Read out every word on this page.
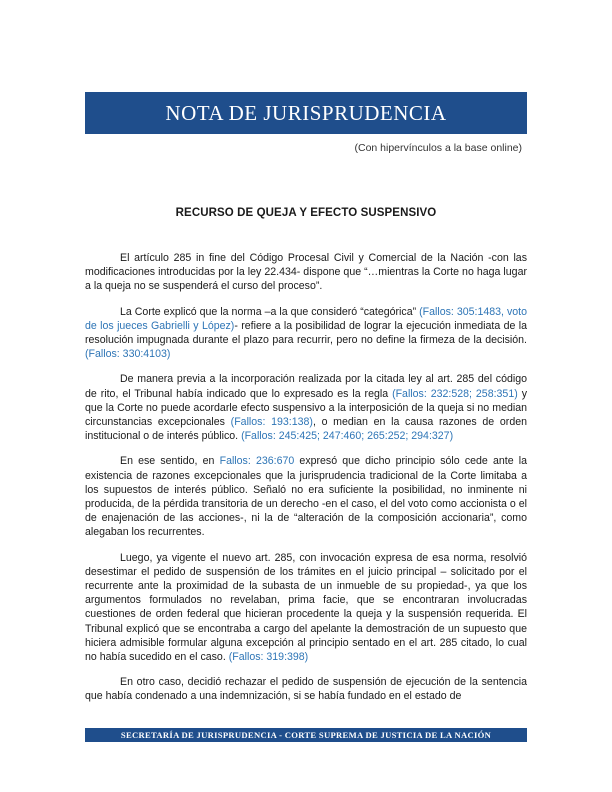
NOTA DE JURISPRUDENCIA
(Con hipervínculos a la base online)
RECURSO DE QUEJA Y EFECTO SUSPENSIVO

El artículo 285 in fine del Código Procesal Civil y Comercial de la Nación -con las modificaciones introducidas por la ley 22.434- dispone que “…mientras la Corte no haga lugar a la queja no se suspenderá el curso del proceso”.

La Corte explicó que la norma –a la que consideró “categórica” (Fallos: 305:1483, voto de los jueces Gabrielli y López)- refiere a la posibilidad de lograr la ejecución inmediata de la resolución impugnada durante el plazo para recurrir, pero no define la firmeza de la decisión. (Fallos: 330:4103)

De manera previa a la incorporación realizada por la citada ley al art. 285 del código de rito, el Tribunal había indicado que lo expresado es la regla (Fallos: 232:528; 258:351) y que la Corte no puede acordarle efecto suspensivo a la interposición de la queja si no median circunstancias excepcionales (Fallos: 193:138), o median en la causa razones de orden institucional o de interés público. (Fallos: 245:425; 247:460; 265:252; 294:327)

En ese sentido, en Fallos: 236:670 expresó que dicho principio sólo cede ante la existencia de razones excepcionales que la jurisprudencia tradicional de la Corte limitaba a los supuestos de interés público. Señaló no era suficiente la posibilidad, no inminente ni producida, de la pérdida transitoria de un derecho -en el caso, el del voto como accionista o el de enajenación de las acciones-, ni la de “alteración de la composición accionaria”, como alegaban los recurrentes.

Luego, ya vigente el nuevo art. 285, con invocación expresa de esa norma, resolvió desestimar el pedido de suspensión de los trámites en el juicio principal – solicitado por el recurrente ante la proximidad de la subasta de un inmueble de su propiedad-, ya que los argumentos formulados no revelaban, prima facie, que se encontraran involucradas cuestiones de orden federal que hicieran procedente la queja y la suspensión requerida. El Tribunal explicó que se encontraba a cargo del apelante la demostración de un supuesto que hiciera admisible formular alguna excepción al principio sentado en el art. 285 citado, lo cual no había sucedido en el caso. (Fallos: 319:398)

En otro caso, decidió rechazar el pedido de suspensión de ejecución de la sentencia que había condenado a una indemnización, si se había fundado en el estado de

SECRETARÍA DE JURISPRUDENCIA - CORTE SUPREMA DE JUSTICIA DE LA NACIÓN
